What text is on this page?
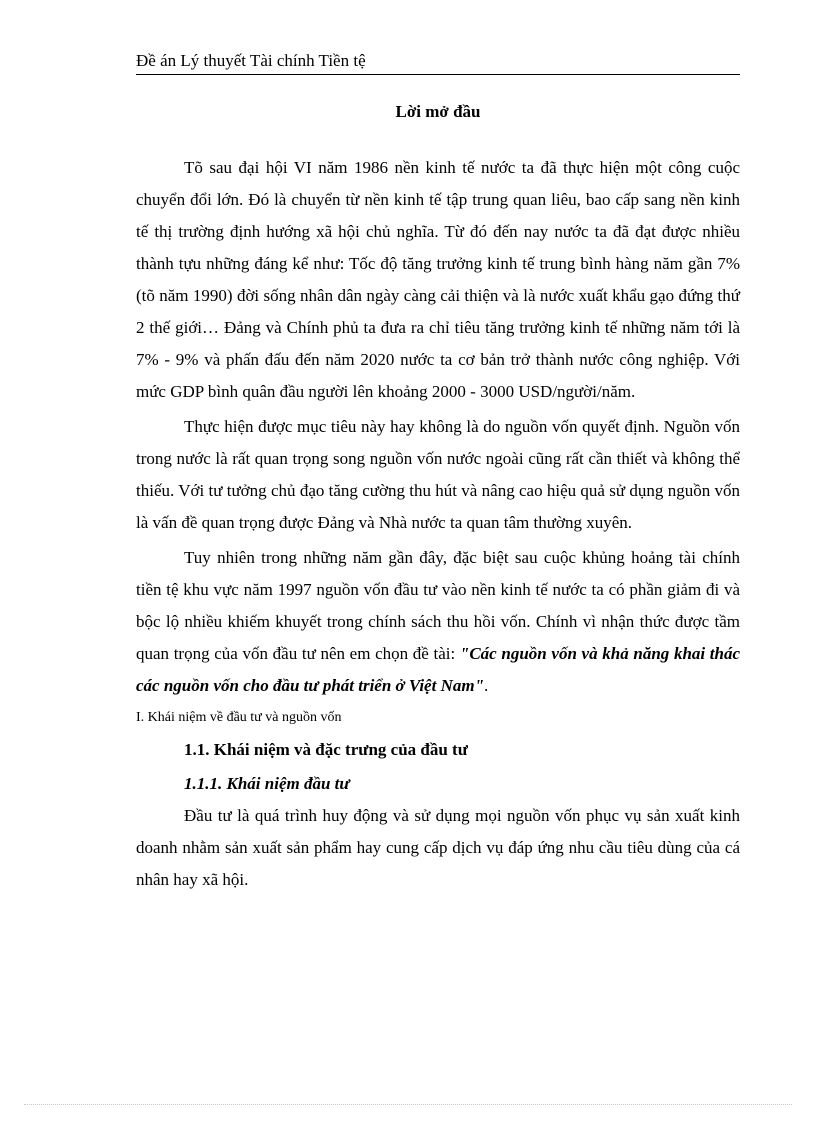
Đề án Lý thuyết Tài chính Tiền tệ
Lời mở đầu

Tõ sau đại hội VI năm 1986 nền kinh tế nước ta đã thực hiện một công cuộc chuyển đổi lớn. Đó là chuyển từ nền kinh tế tập trung quan liêu, bao cấp sang nền kinh tế thị trường định hướng xã hội chủ nghĩa. Từ đó đến nay nước ta đã đạt được nhiều thành tựu những đáng kể như: Tốc độ tăng trưởng kinh tế trung bình hàng năm gần 7% (tõ năm 1990) đời sống nhân dân ngày càng cải thiện và là nước xuất khẩu gạo đứng thứ 2 thế giới… Đảng và Chính phủ ta đưa ra chỉ tiêu tăng trưởng kinh tế những năm tới là 7% - 9% và phấn đấu đến năm 2020 nước ta cơ bản trở thành nước công nghiệp. Với mức GDP bình quân đầu người lên khoảng 2000 - 3000 USD/người/năm.

Thực hiện được mục tiêu này hay không là do nguồn vốn quyết định. Nguồn vốn trong nước là rất quan trọng song nguồn vốn nước ngoài cũng rất cần thiết và không thể thiếu. Với tư tưởng chủ đạo tăng cường thu hút và nâng cao hiệu quả sử dụng nguồn vốn là vấn đề quan trọng được Đảng và Nhà nước ta quan tâm thường xuyên.

Tuy nhiên trong những năm gần đây, đặc biệt sau cuộc khủng hoảng tài chính tiền tệ khu vực năm 1997 nguồn vốn đầu tư vào nền kinh tế nước ta có phần giảm đi và bộc lộ nhiều khiếm khuyết trong chính sách thu hồi vốn. Chính vì nhận thức được tầm quan trọng của vốn đầu tư nên em chọn đề tài: "Các nguồn vốn và khả năng khai thác các nguồn vốn cho đầu tư phát triển ở Việt Nam".

I. Khái niệm về đầu tư và nguồn vốn
1.1. Khái niệm và đặc trưng của đầu tư
1.1.1. Khái niệm đầu tư

Đầu tư là quá trình huy động và sử dụng mọi nguồn vốn phục vụ sản xuất kinh doanh nhằm sản xuất sản phẩm hay cung cấp dịch vụ đáp ứng nhu cầu tiêu dùng của cá nhân hay xã hội.
